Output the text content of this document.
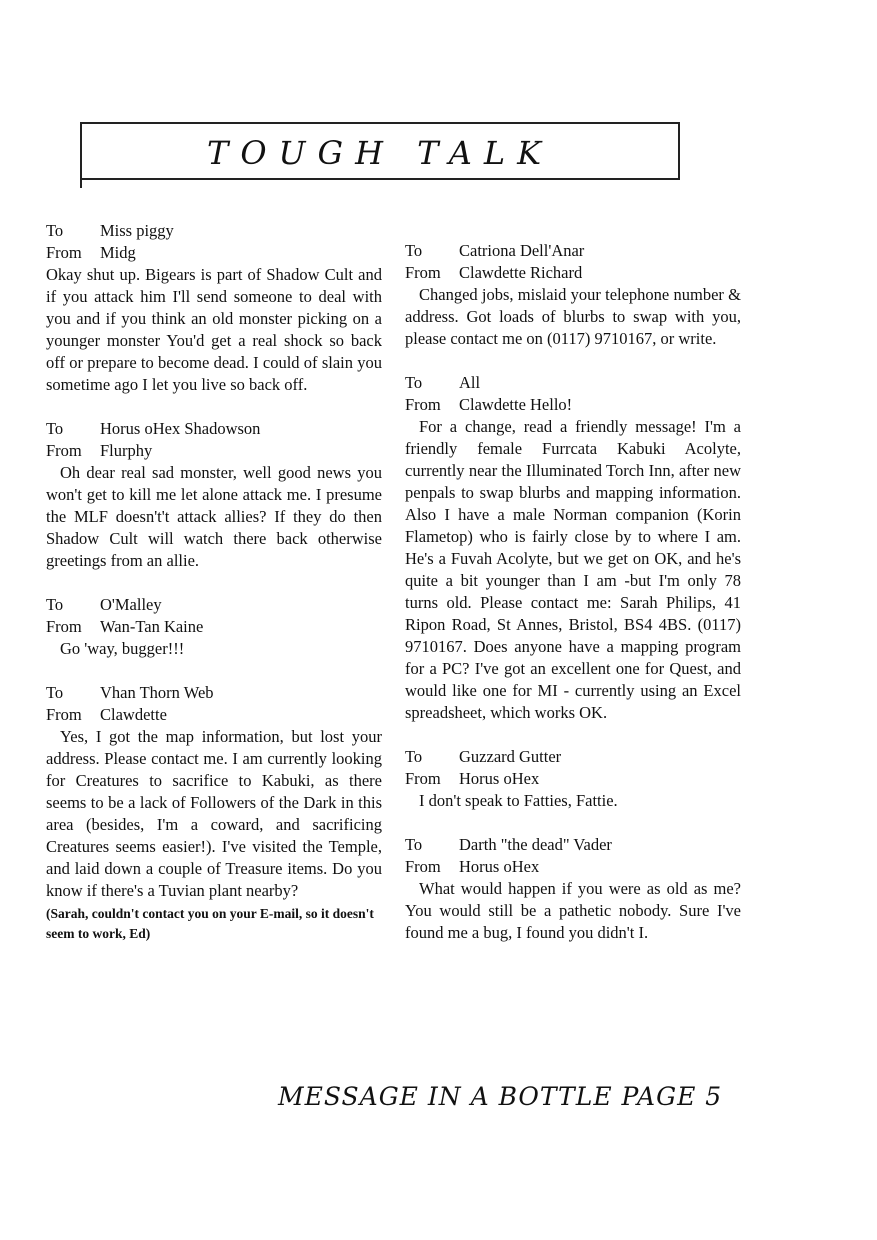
TOUGH TALK
To	Miss piggy
From	Midg
Okay shut up. Bigears is part of Shadow Cult and if you attack him I'll send someone to deal with you and if you think an old monster picking on a younger monster You'd get a real shock so back off or prepare to become dead. I could of slain you sometime ago I let you live so back off.
To	Horus oHex Shadowson
From	Flurphy
Oh dear real sad monster, well good news you won't get to kill me let alone attack me. I presume the MLF doesn't't attack allies? If they do then Shadow Cult will watch there back otherwise greetings from an allie.
To	O'Malley
From	Wan-Tan Kaine
Go 'way, bugger!!!
To	Vhan Thorn Web
From	Clawdette
Yes, I got the map information, but lost your address. Please contact me. I am currently looking for Creatures to sacrifice to Kabuki, as there seems to be a lack of Followers of the Dark in this area (besides, I'm a coward, and sacrificing Creatures seems easier!). I've visited the Temple, and laid down a couple of Treasure items. Do you know if there's a Tuvian plant nearby?
(Sarah, couldn't contact you on your E-mail, so it doesn't seem to work, Ed)
To	Catriona Dell'Anar
From	Clawdette Richard
Changed jobs, mislaid your telephone number & address. Got loads of blurbs to swap with you, please contact me on (0117) 9710167, or write.
To	All
From	Clawdette Hello!
For a change, read a friendly message! I'm a friendly female Furrcata Kabuki Acolyte, currently near the Illuminated Torch Inn, after new penpals to swap blurbs and mapping information. Also I have a male Norman companion (Korin Flametop) who is fairly close by to where I am. He's a Fuvah Acolyte, but we get on OK, and he's quite a bit younger than I am -but I'm only 78 turns old. Please contact me: Sarah Philips, 41 Ripon Road, St Annes, Bristol, BS4 4BS. (0117) 9710167. Does anyone have a mapping program for a PC? I've got an excellent one for Quest, and would like one for MI - currently using an Excel spreadsheet, which works OK.
To	Guzzard Gutter
From	Horus oHex
I don't speak to Fatties, Fattie.
To	Darth "the dead" Vader
From	Horus oHex
What would happen if you were as old as me? You would still be a pathetic nobody. Sure I've found me a bug, I found you didn't I.
MESSAGE IN A BOTTLE PAGE 5
